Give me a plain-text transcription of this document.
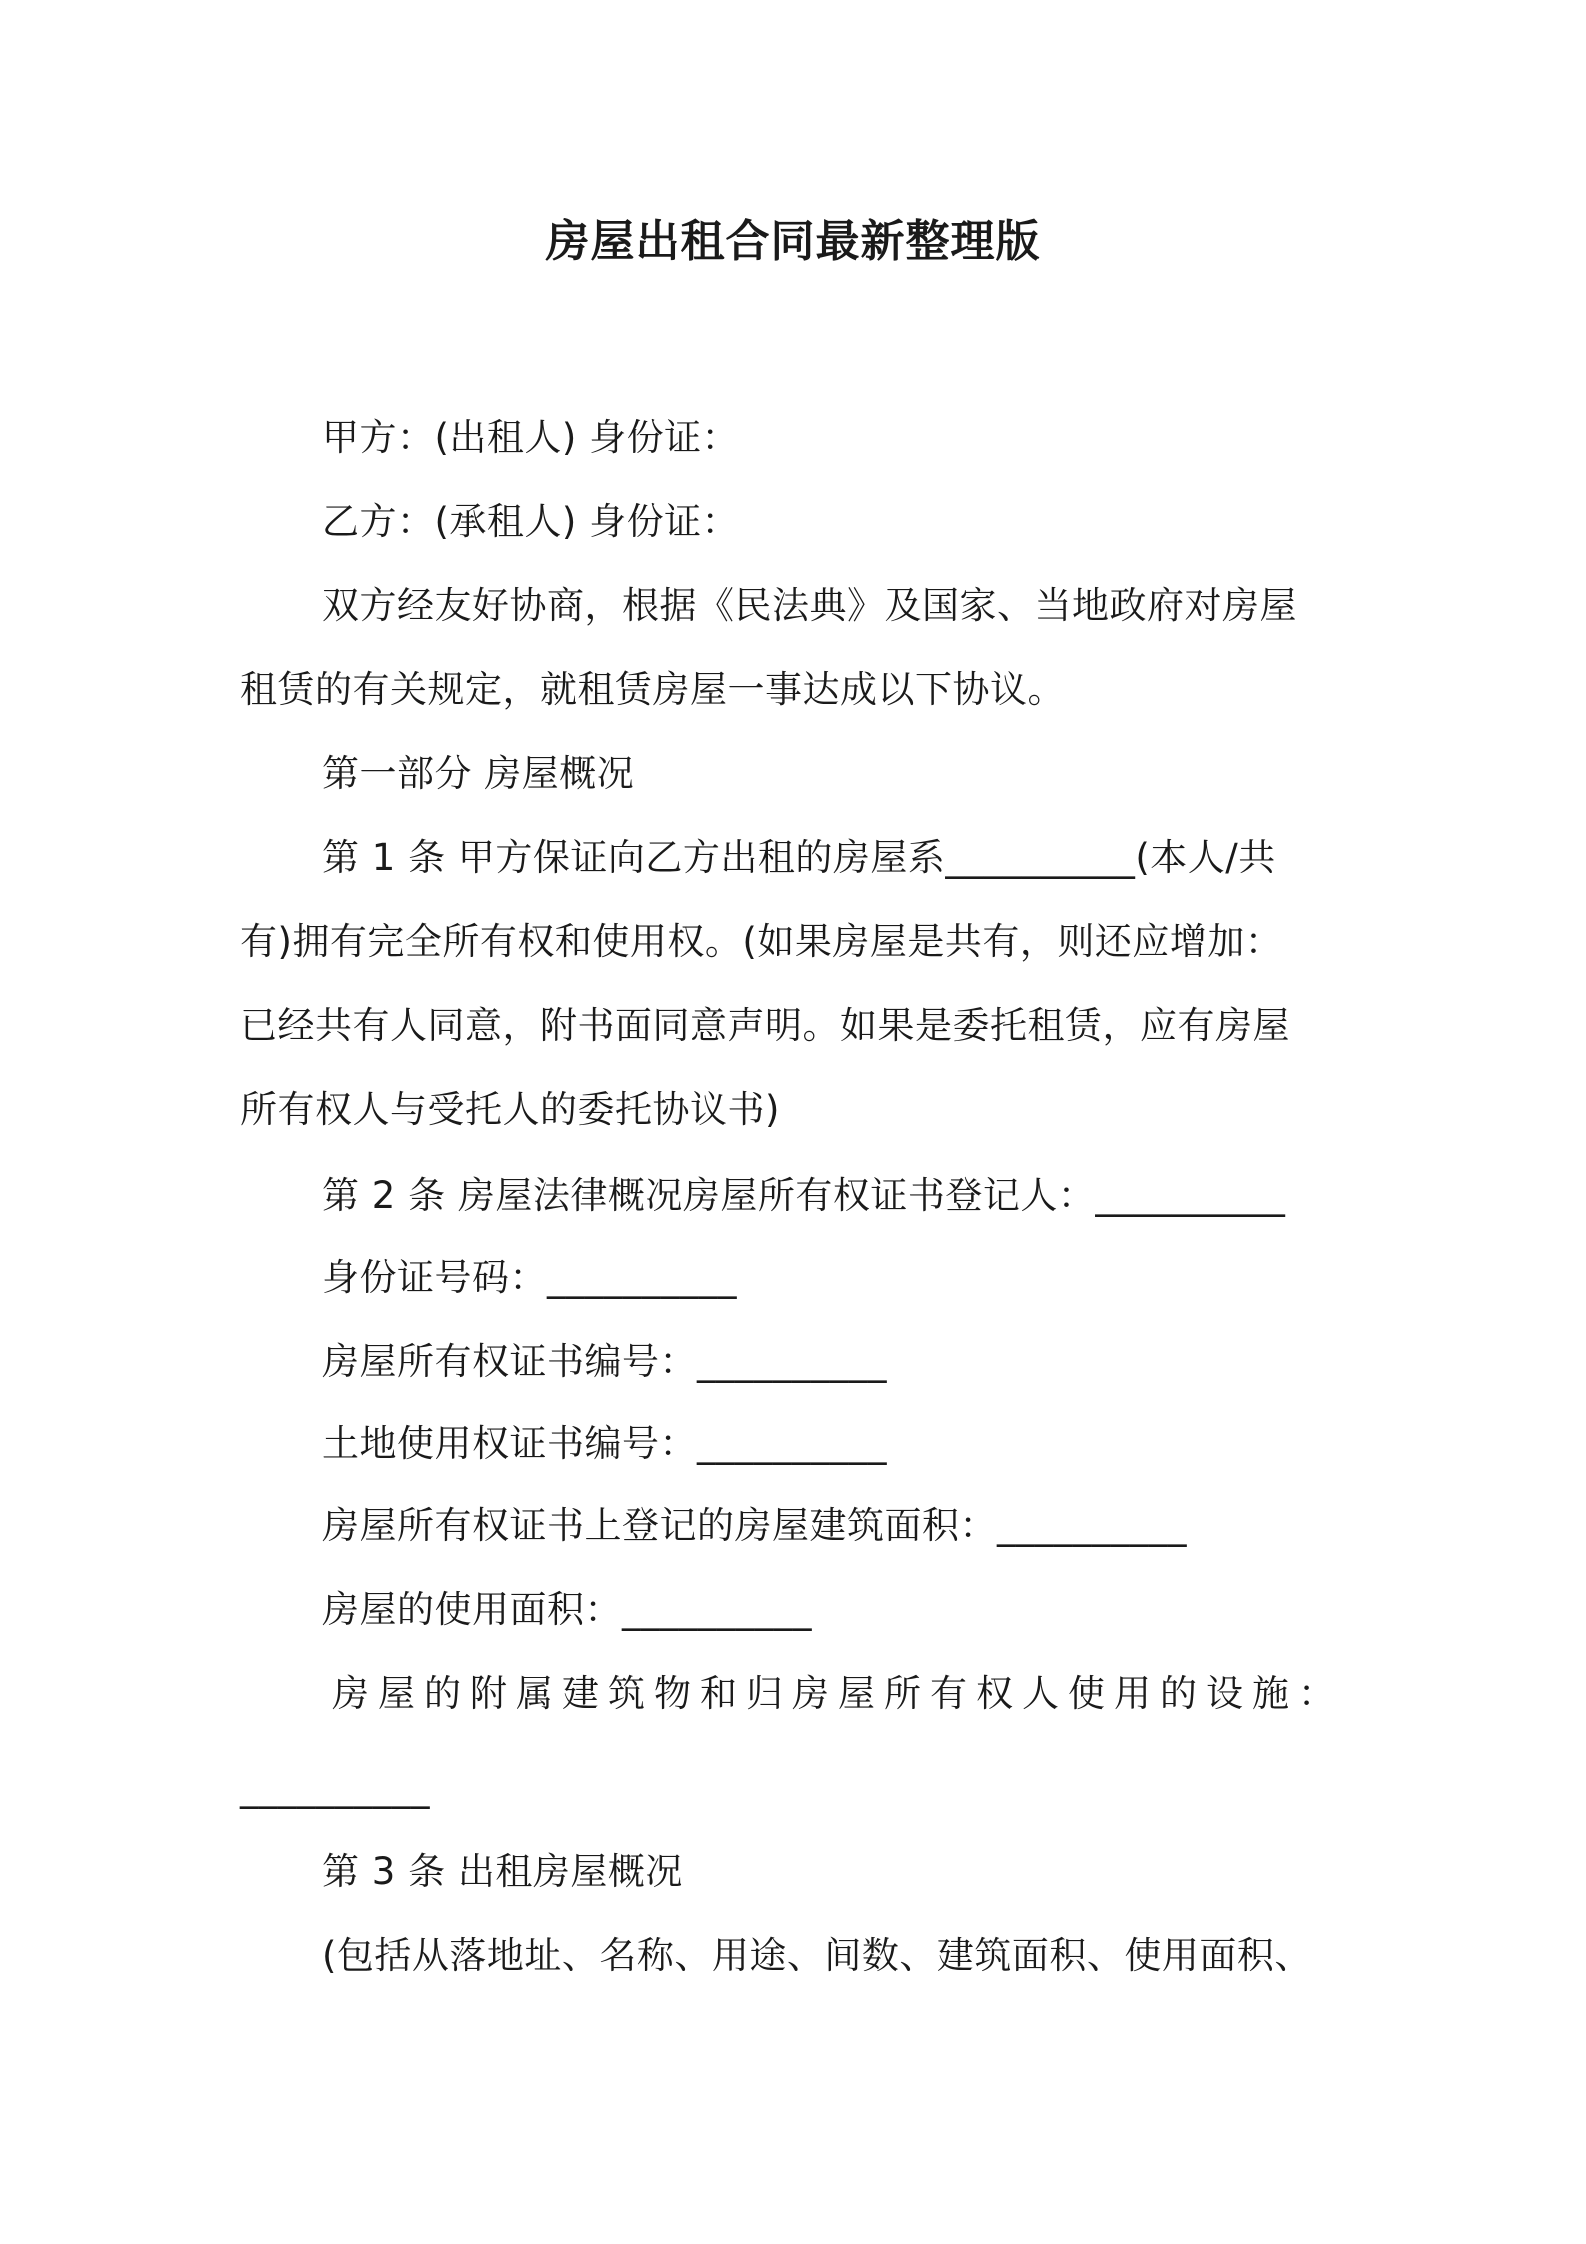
房屋出租合同最新整理版

甲方：(出租人) 身份证：

乙方：(承租人) 身份证：

双方经友好协商，根据《民法典》及国家、当地政府对房屋

租赁的有关规定，就租赁房屋一事达成以下协议。

第一部分 房屋概况

第 1 条 甲方保证向乙方出租的房屋系__________(本人/共

有)拥有完全所有权和使用权。(如果房屋是共有，则还应增加：

已经共有人同意，附书面同意声明。如果是委托租赁，应有房屋

所有权人与受托人的委托协议书)

第 2 条 房屋法律概况房屋所有权证书登记人：__________

身份证号码：__________

房屋所有权证书编号：__________

土地使用权证书编号：__________

房屋所有权证书上登记的房屋建筑面积：__________

房屋的使用面积：__________

房屋的附属建筑物和归房屋所有权人使用的设施：

__________

第 3 条 出租房屋概况

(包括从落地址、名称、用途、间数、建筑面积、使用面积、
